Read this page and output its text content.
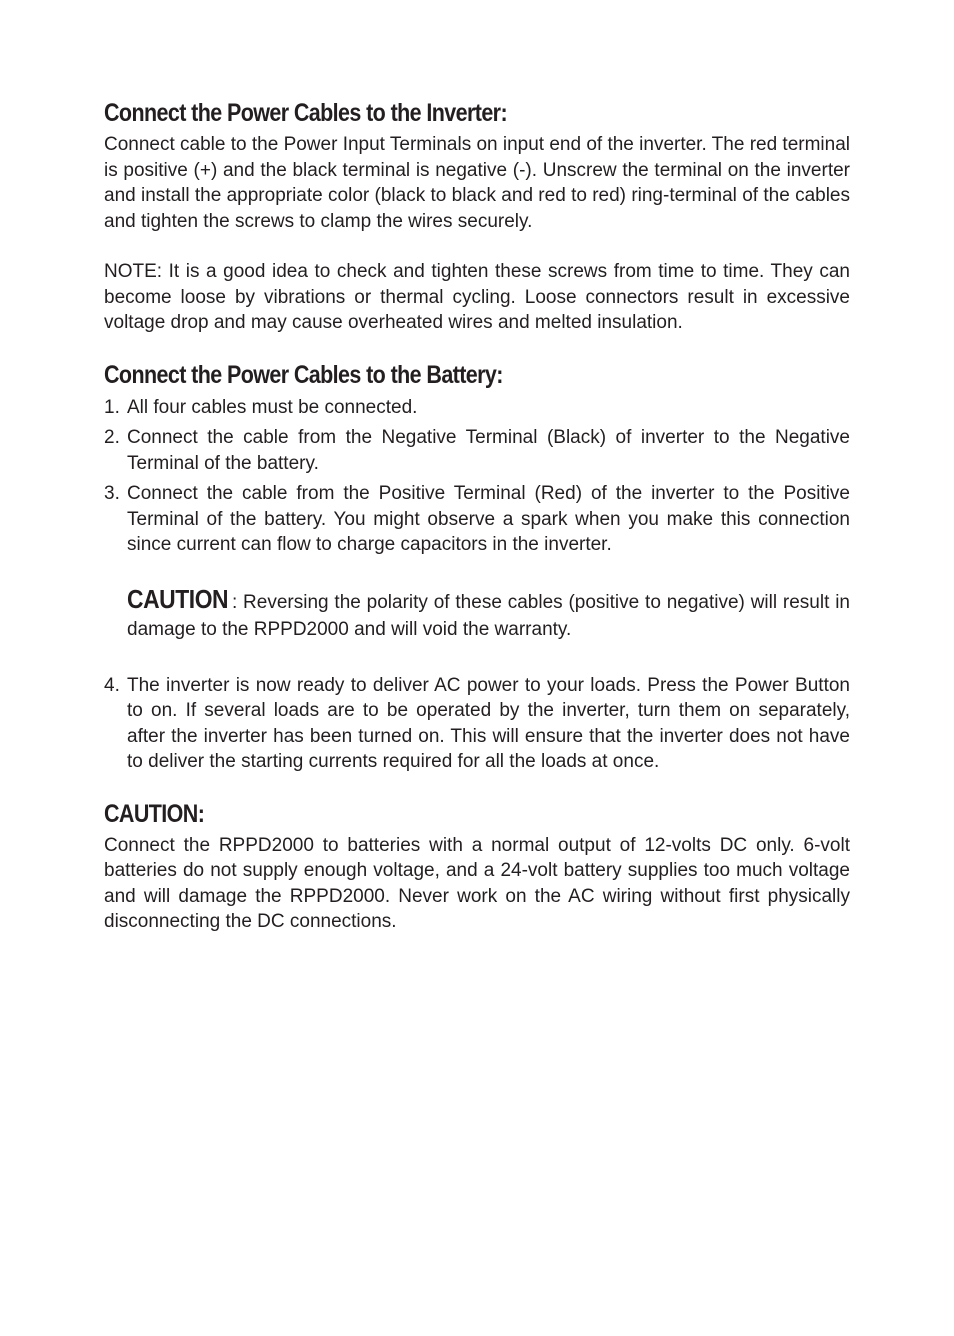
Connect the Power Cables to the Inverter:

Connect cable to the Power Input Terminals on input end of the inverter. The red terminal is positive (+) and the black terminal is negative (-). Unscrew the terminal on the inverter and install the appropriate color (black to black and red to red) ring-terminal of the cables and tighten the screws to clamp the wires securely.

NOTE: It is a good idea to check and tighten these screws from time to time. They can become loose by vibrations or thermal cycling. Loose connectors result in excessive voltage drop and may cause overheated wires and melted insulation.

Connect the Power Cables to the Battery:
1. All four cables must be connected.
2. Connect the cable from the Negative Terminal (Black) of inverter to the Negative Terminal of the battery.
3. Connect the cable from the Positive Terminal (Red) of the inverter to the Positive Terminal of the battery. You might observe a spark when you make this connection since current can flow to charge capacitors in the inverter.

CAUTION : Reversing the polarity of these cables (positive to negative) will result in damage to the RPPD2000 and will void the warranty.

4. The inverter is now ready to deliver AC power to your loads. Press the Power Button to on. If several loads are to be operated by the inverter, turn them on separately, after the inverter has been turned on. This will ensure that the inverter does not have to deliver the starting currents required for all the loads at once.
CAUTION:

Connect the RPPD2000 to batteries with a normal output of 12-volts DC only. 6-volt batteries do not supply enough voltage, and a 24-volt battery supplies too much voltage and will damage the RPPD2000. Never work on the AC wiring without first physically disconnecting the DC connections.
